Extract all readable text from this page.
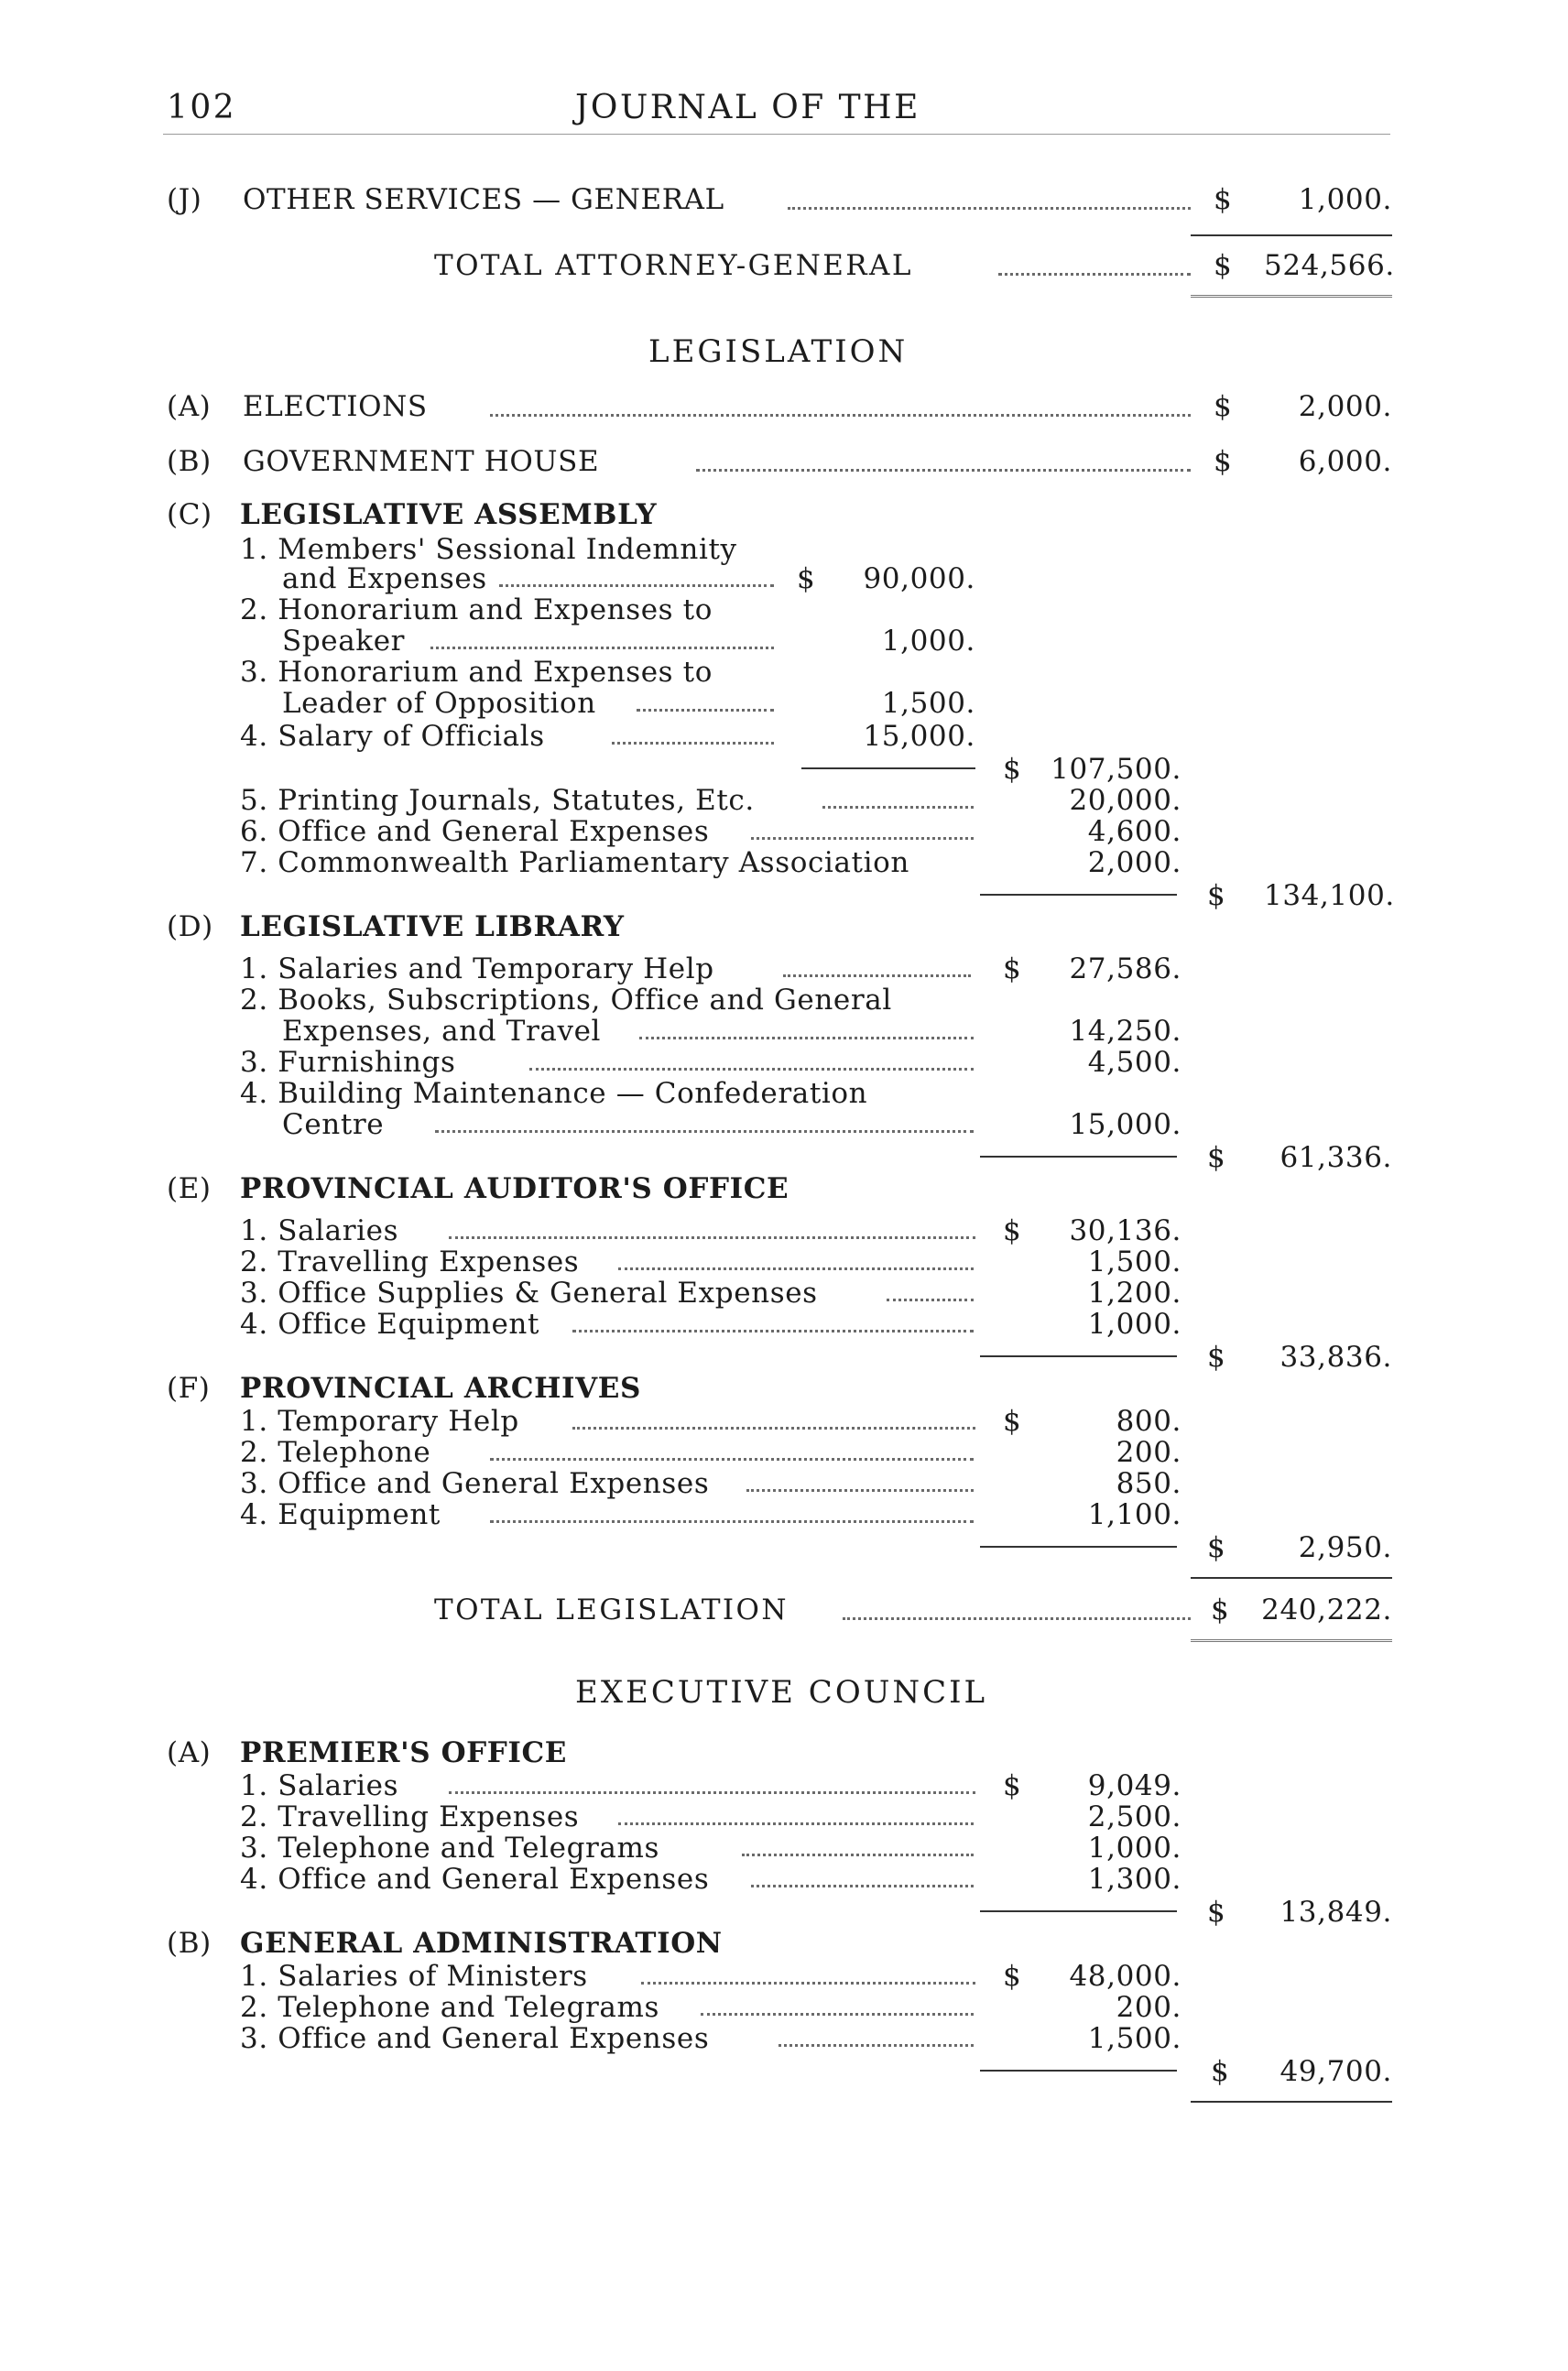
102	JOURNAL OF THE
(J) OTHER SERVICES — GENERAL	$	1,000.
TOTAL ATTORNEY-GENERAL	$ 524,566.
LEGISLATION
(A) ELECTIONS	$	2,000.
(B) GOVERNMENT HOUSE	$	6,000.
(C) LEGISLATIVE ASSEMBLY
1. Members' Sessional Indemnity
and Expenses	$	90,000.
2. Honorarium and Expenses to
Speaker	1,000.
3. Honorarium and Expenses to
Leader of Opposition	1,500.
4. Salary of Officials	15,000.
$ 107,500.
5. Printing Journals, Statutes, Etc.	20,000.
6. Office and General Expenses	4,600.
7. Commonwealth Parliamentary Association	2,000.
$ 134,100.
(D) LEGISLATIVE LIBRARY
1. Salaries and Temporary Help	$	27,586.
2. Books, Subscriptions, Office and General
Expenses, and Travel	14,250.
3. Furnishings	4,500.
4. Building Maintenance — Confederation
Centre	15,000.
$	61,336.
(E) PROVINCIAL AUDITOR'S OFFICE
1. Salaries	$	30,136.
2. Travelling Expenses	1,500.
3. Office Supplies & General Expenses	1,200.
4. Office Equipment	1,000.
$	33,836.
(F) PROVINCIAL ARCHIVES
1. Temporary Help	$	800.
2. Telephone	200.
3. Office and General Expenses	850.
4. Equipment	1,100.
$	2,950.
TOTAL LEGISLATION	$ 240,222.
EXECUTIVE COUNCIL
(A) PREMIER'S OFFICE
1. Salaries	$	9,049.
2. Travelling Expenses	2,500.
3. Telephone and Telegrams	1,000.
4. Office and General Expenses	1,300.
$	13,849.
(B) GENERAL ADMINISTRATION
1. Salaries of Ministers	$	48,000.
2. Telephone and Telegrams	200.
3. Office and General Expenses	1,500.
$	49,700.
